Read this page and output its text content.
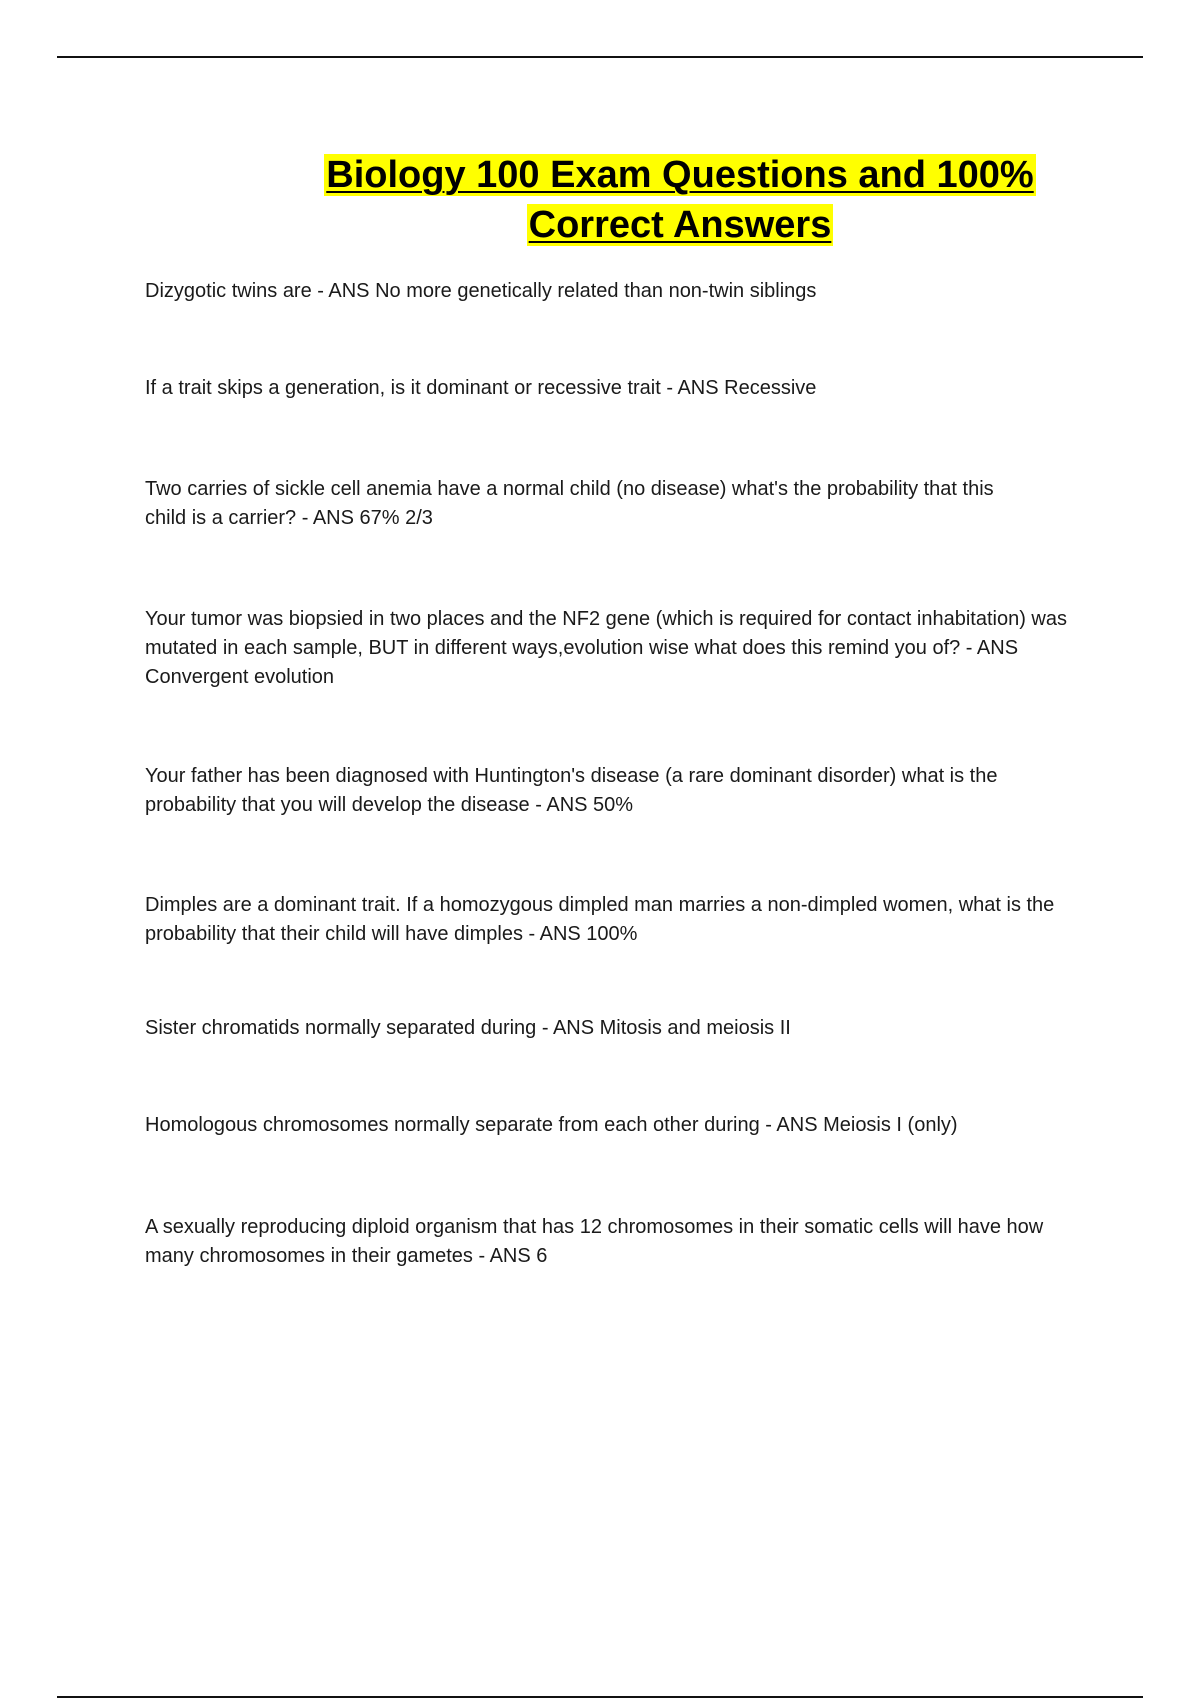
Biology 100 Exam Questions and 100%
Correct Answers

Dizygotic twins are - ANS No more genetically related than non-twin siblings

If a trait skips a generation, is it dominant or recessive trait - ANS Recessive

Two carries of sickle cell anemia have a normal child (no disease) what's the probability that this child is a carrier? - ANS 67% 2/3

Your tumor was biopsied in two places and the NF2 gene (which is required for contact inhabitation) was mutated in each sample, BUT in different ways,evolution wise what does this remind you of? - ANS Convergent evolution

Your father has been diagnosed with Huntington's disease (a rare dominant disorder) what is the probability that you will develop the disease - ANS 50%

Dimples are a dominant trait. If a homozygous dimpled man marries a non-dimpled women, what is the probability that their child will have dimples - ANS 100%

Sister chromatids normally separated during - ANS Mitosis and meiosis II

Homologous chromosomes normally separate from each other during - ANS Meiosis I (only)

A sexually reproducing diploid organism that has 12 chromosomes in their somatic cells will have how many chromosomes in their gametes - ANS 6
